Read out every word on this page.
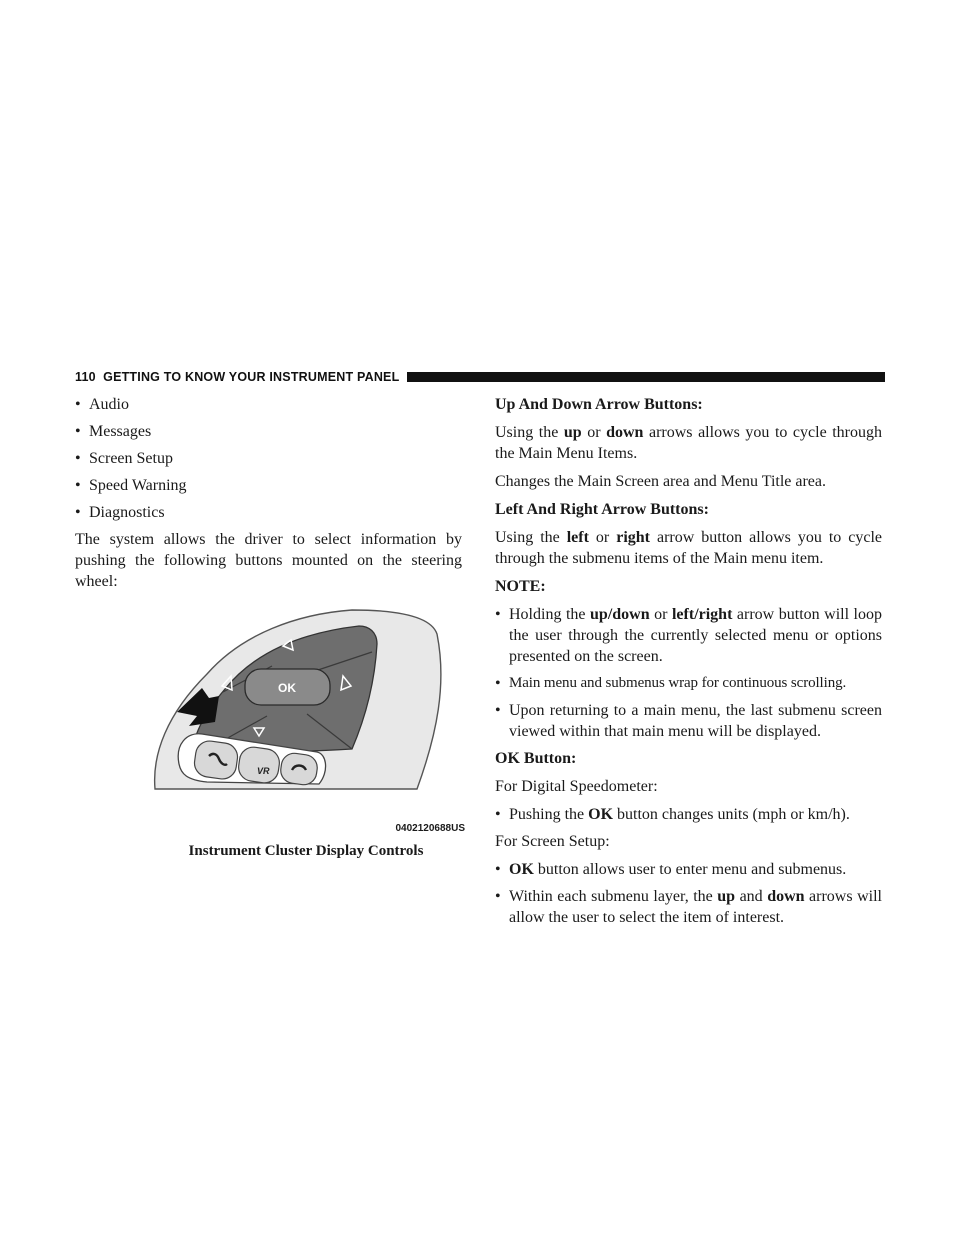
110 GETTING TO KNOW YOUR INSTRUMENT PANEL
• Audio
• Messages
• Screen Setup
• Speed Warning
• Diagnostics

The system allows the driver to select information by pushing the following buttons mounted on the steering wheel:

OK
VR
0402120688US
Instrument Cluster Display Controls

Up And Down Arrow Buttons:

Using the up or down arrows allows you to cycle through the Main Menu Items.

Changes the Main Screen area and Menu Title area.

Left And Right Arrow Buttons:

Using the left or right arrow button allows you to cycle through the submenu items of the Main menu item.

NOTE:

• Holding the up/down or left/right arrow button will loop the user through the currently selected menu or options presented on the screen.
• Main menu and submenus wrap for continuous scrolling.
• Upon returning to a main menu, the last submenu screen viewed within that main menu will be displayed.

OK Button:

For Digital Speedometer:

• Pushing the OK button changes units (mph or km/h).

For Screen Setup:

• OK button allows user to enter menu and submenus.
• Within each submenu layer, the up and down arrows will allow the user to select the item of interest.
